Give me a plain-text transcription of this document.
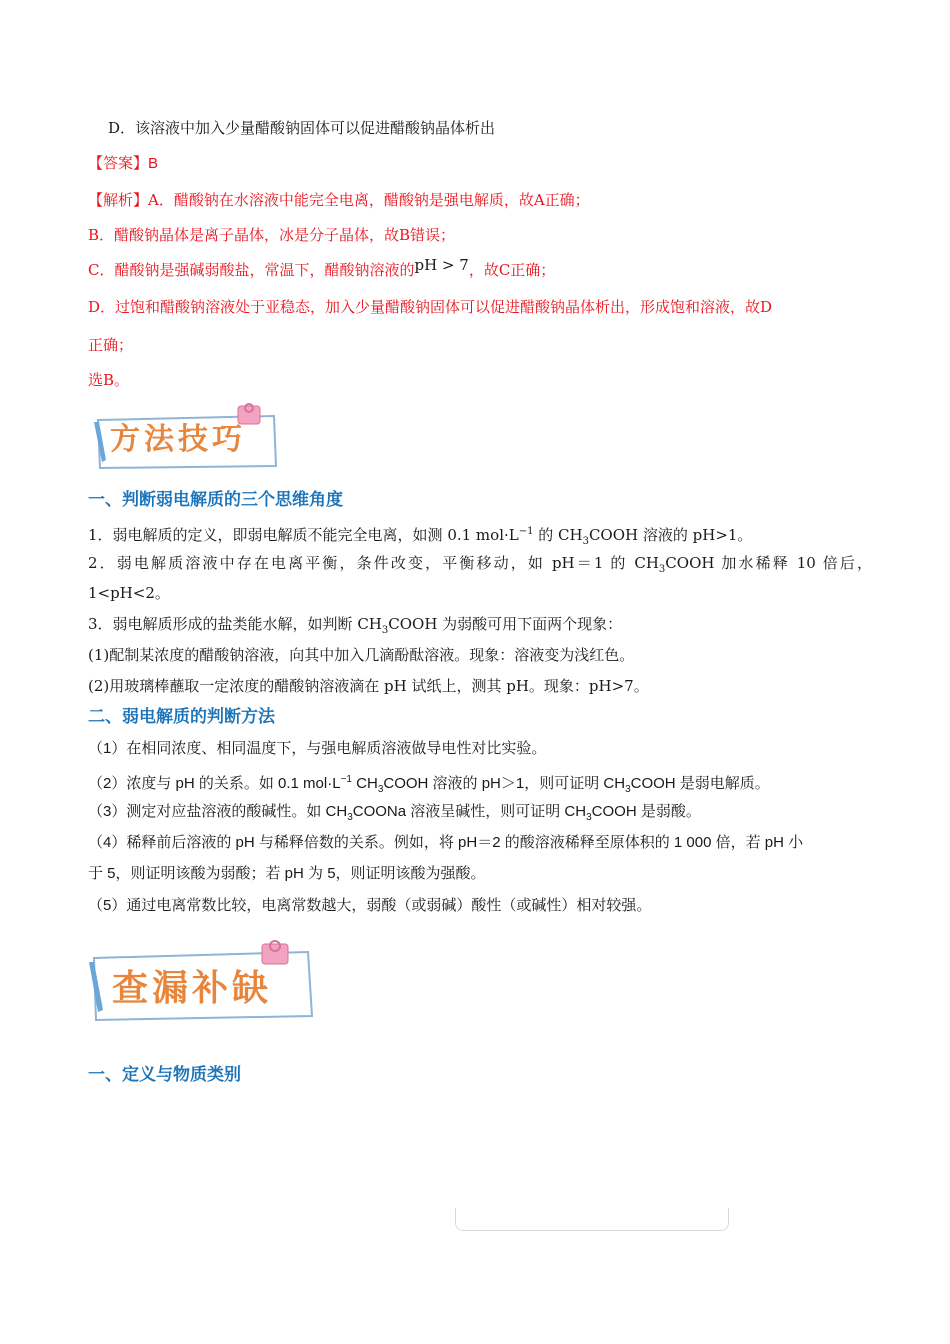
D．该溶液中加入少量醋酸钠固体可以促进醋酸钠晶体析出
【答案】B
【解析】A．醋酸钠在水溶液中能完全电离，醋酸钠是强电解质，故A正确；
B．醋酸钠晶体是离子晶体，冰是分子晶体，故B错误；
C．醋酸钠是强碱弱酸盐，常温下，醋酸钠溶液的pH > 7，故C正确；
D．过饱和醋酸钠溶液处于亚稳态，加入少量醋酸钠固体可以促进醋酸钠晶体析出，形成饱和溶液，故D
正确；
选B。
方法技巧
一、判断弱电解质的三个思维角度
1．弱电解质的定义，即弱电解质不能完全电离，如测 0.1 $mol\cdot L^{-1}$ 的 $CH_3COOH$ 溶液的 pH>1。
2．弱电解质溶液中存在电离平衡，条件改变，平衡移动，如 pH＝1 的 $CH_3COOH$ 加水稀释 10 倍后，
1<pH<2。
3．弱电解质形成的盐类能水解，如判断 $CH_3COOH$ 为弱酸可用下面两个现象：
(1)配制某浓度的醋酸钠溶液，向其中加入几滴酚酞溶液。现象：溶液变为浅红色。
(2)用玻璃棒蘸取一定浓度的醋酸钠溶液滴在 pH 试纸上，测其 pH。现象：pH>7。
二、弱电解质的判断方法
（1）在相同浓度、相同温度下，与强电解质溶液做导电性对比实验。
（2）浓度与 pH 的关系。如 0.1 $mol\cdot L^{-1}$ $CH_3COOH$ 溶液的 pH＞1，则可证明 $CH_3COOH$ 是弱电解质。
（3）测定对应盐溶液的酸碱性。如 $CH_3COONa$ 溶液呈碱性，则可证明 $CH_3COOH$ 是弱酸。
（4）稀释前后溶液的 pH 与稀释倍数的关系。例如，将 pH＝2 的酸溶液稀释至原体积的 1 000 倍，若 pH 小
于 5，则证明该酸为弱酸；若 pH 为 5，则证明该酸为强酸。
（5）通过电离常数比较，电离常数越大，弱酸（或弱碱）酸性（或碱性）相对较强。
查漏补缺
一、定义与物质类别
